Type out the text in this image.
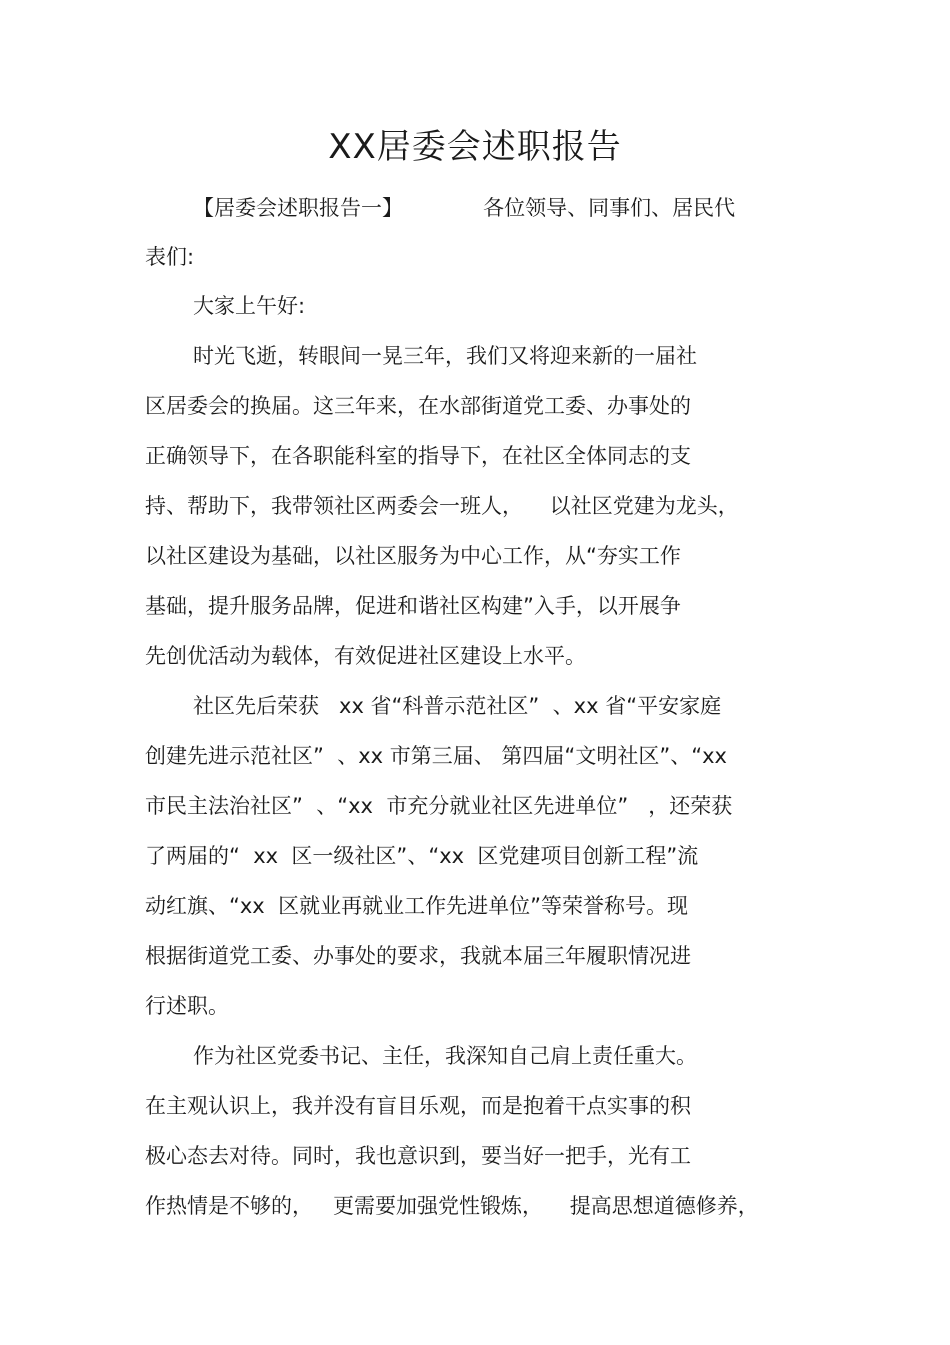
XX居委会述职报告

【居委会述职报告一】            各位领导、同事们、居民代

表们:

大家上午好:

时光飞逝，转眼间一晃三年，我们又将迎来新的一届社

区居委会的换届。这三年来，在水部街道党工委、办事处的

正确领导下，在各职能科室的指导下，在社区全体同志的支

持、帮助下，我带领社区两委会一班人，    以社区党建为龙头，

以社区建设为基础，以社区服务为中心工作，从“夯实工作

基础，提升服务品牌，促进和谐社区构建”入手，以开展争

先创优活动为载体，有效促进社区建设上水平。

社区先后荣获   xx 省“科普示范社区”  、xx 省“平安家庭

创建先进示范社区”  、xx 市第三届、 第四届“文明社区”、“xx

市民主法治社区”  、“xx  市充分就业社区先进单位”   ，还荣获

了两届的“  xx  区一级社区”、“xx  区党建项目创新工程”流

动红旗、“xx  区就业再就业工作先进单位”等荣誉称号。现

根据街道党工委、办事处的要求，我就本届三年履职情况进

行述职。

作为社区党委书记、主任，我深知自己肩上责任重大。

在主观认识上，我并没有盲目乐观，而是抱着干点实事的积

极心态去对待。同时，我也意识到，要当好一把手，光有工

作热情是不够的，   更需要加强党性锻炼，    提高思想道德修养，
